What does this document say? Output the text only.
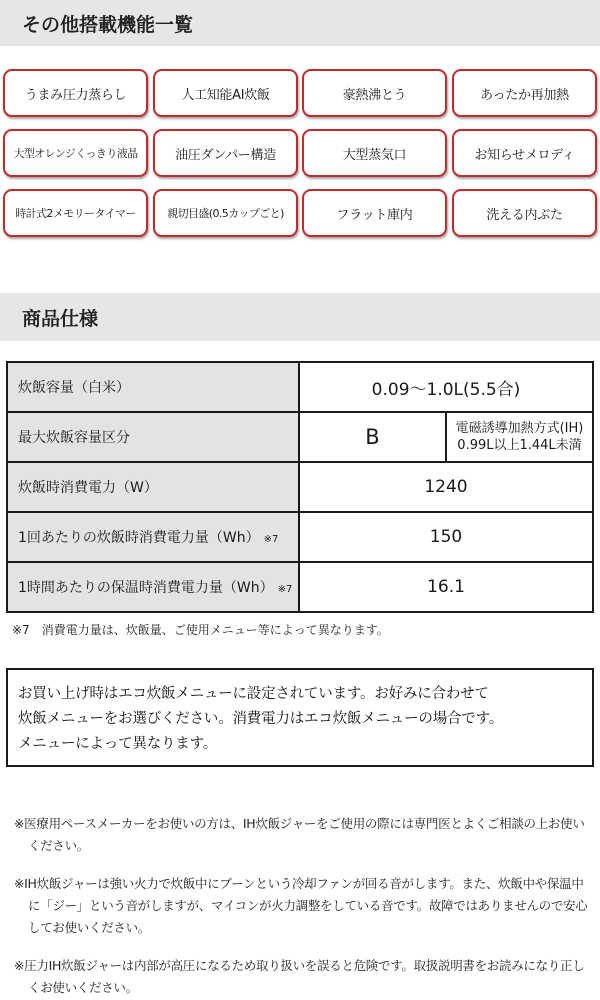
その他搭載機能一覧
うまみ圧力蒸らし	人工知能AI炊飯	豪熱沸とう	あったか再加熱
大型オレンジくっきり液晶	油圧ダンパー構造	大型蒸気口	お知らせメロディ
時計式2メモリータイマー	親切目盛(0.5カップごと)	フラット庫内	洗える内ぶた
商品仕様
炊飯容量（白米）	0.09～1.0L(5.5合)	
最大炊飯容量区分	B	電磁誘導加熱方式(IH)
0.99L以上1.44L未満

炊飯時消費電力（W）	1240	
1回あたりの炊飯時消費電力量（Wh） ※7	150	
1時間あたりの保温時消費電力量（Wh） ※7	16.1	
※7　消費電力量は、炊飯量、ご使用メニュー等によって異なります。
お買い上げ時はエコ炊飯メニューに設定されています。お好みに合わせて
炊飯メニューをお選びください。消費電力はエコ炊飯メニューの場合です。
メニューによって異なります。
※医療用ペースメーカーをお使いの方は、IH炊飯ジャーをご使用の際には専門医とよくご相談の上お使いください。
※IH炊飯ジャーは強い火力で炊飯中にブーンという冷却ファンが回る音がします。また、炊飯中や保温中に「ジー」という音がしますが、マイコンが火力調整をしている音です。故障ではありませんので安心してお使いください。
※圧力IH炊飯ジャーは内部が高圧になるため取り扱いを誤ると危険です。取扱説明書をお読みになり正しくお使いください。
